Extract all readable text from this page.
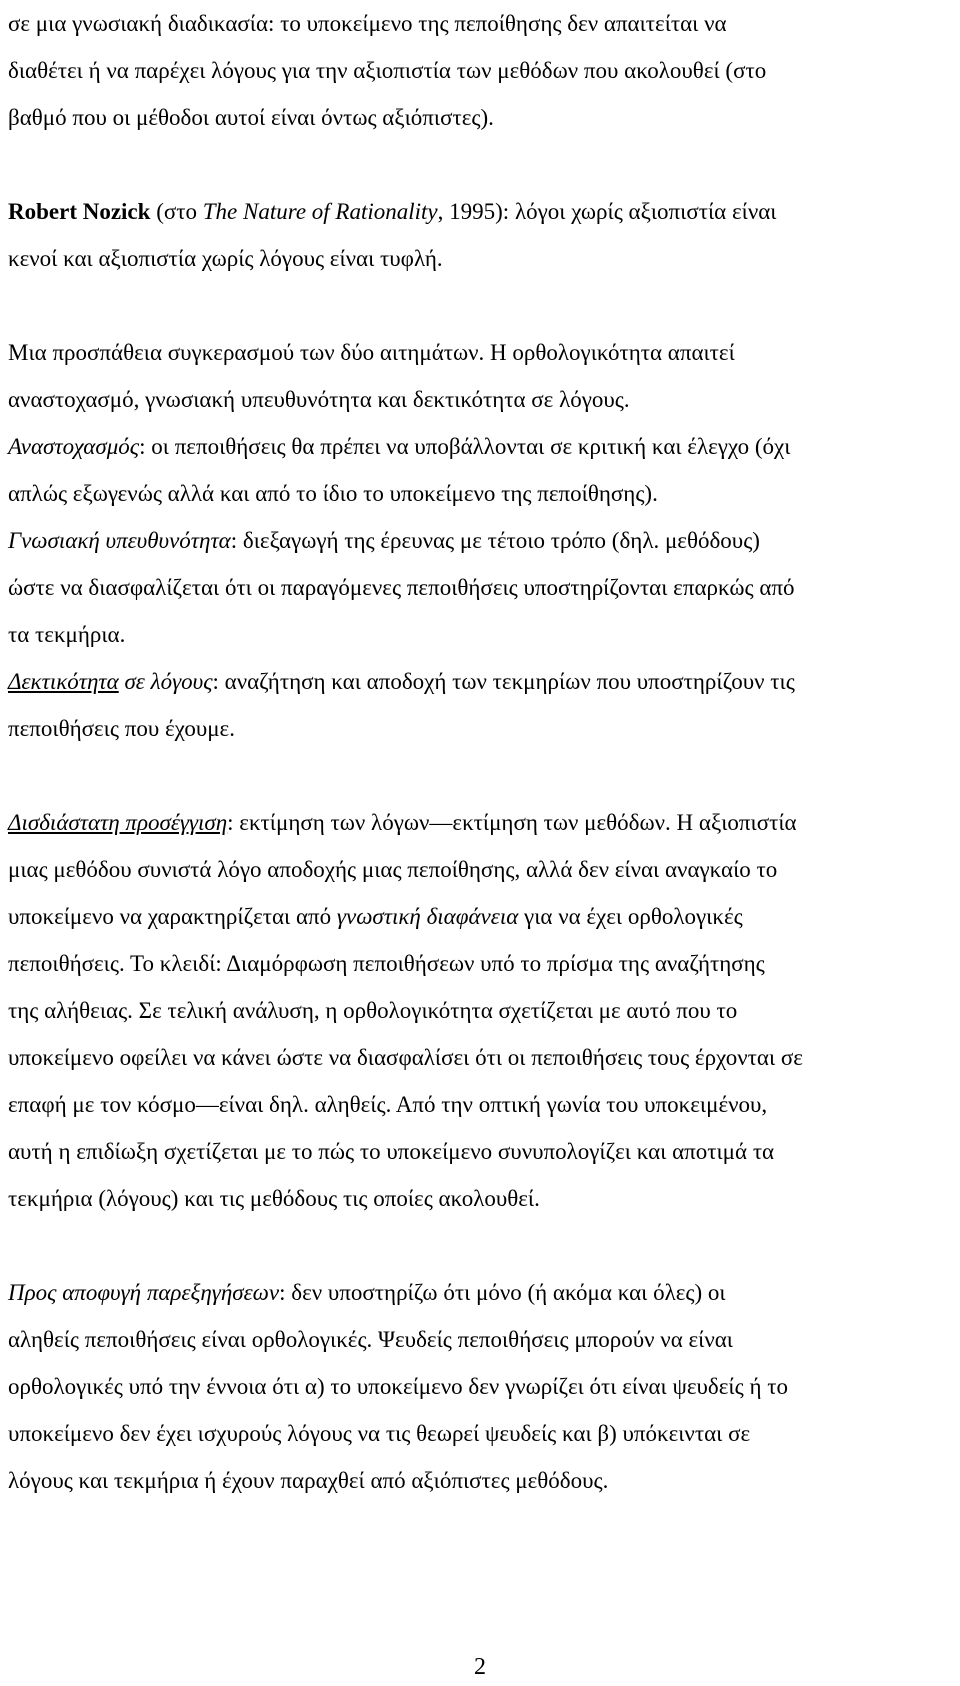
σε μια γνωσιακή διαδικασία: το υποκείμενο της πεποίθησης δεν απαιτείται να
διαθέτει ή να παρέχει λόγους για την αξιοπιστία των μεθόδων που ακολουθεί (στο
βαθμό που οι μέθοδοι αυτοί είναι όντως αξιόπιστες).
Robert Nozick (στο The Nature of Rationality, 1995): λόγοι χωρίς αξιοπιστία είναι
κενοί και αξιοπιστία χωρίς λόγους είναι τυφλή.
Μια προσπάθεια συγκερασμού των δύο αιτημάτων. Η ορθολογικότητα απαιτεί
αναστοχασμό, γνωσιακή υπευθυνότητα και δεκτικότητα σε λόγους.
Αναστοχασμός: οι πεποιθήσεις θα πρέπει να υποβάλλονται σε κριτική και έλεγχο (όχι
απλώς εξωγενώς αλλά και από το ίδιο το υποκείμενο της πεποίθησης).
Γνωσιακή υπευθυνότητα: διεξαγωγή της έρευνας με τέτοιο τρόπο (δηλ. μεθόδους)
ώστε να διασφαλίζεται ότι οι παραγόμενες πεποιθήσεις υποστηρίζονται επαρκώς από
τα τεκμήρια.
Δεκτικότητα σε λόγους: αναζήτηση και αποδοχή των τεκμηρίων που υποστηρίζουν τις
πεποιθήσεις που έχουμε.
Δισδιάστατη προσέγγιση: εκτίμηση των λόγων—εκτίμηση των μεθόδων. Η αξιοπιστία
μιας μεθόδου συνιστά λόγο αποδοχής μιας πεποίθησης, αλλά δεν είναι αναγκαίο το
υποκείμενο να χαρακτηρίζεται από γνωστική διαφάνεια για να έχει ορθολογικές
πεποιθήσεις. Το κλειδί: Διαμόρφωση πεποιθήσεων υπό το πρίσμα της αναζήτησης
της αλήθειας. Σε τελική ανάλυση, η ορθολογικότητα σχετίζεται με αυτό που το
υποκείμενο οφείλει να κάνει ώστε να διασφαλίσει ότι οι πεποιθήσεις τους έρχονται σε
επαφή με τον κόσμο—είναι δηλ. αληθείς. Από την οπτική γωνία του υποκειμένου,
αυτή η επιδίωξη σχετίζεται με το πώς το υποκείμενο συνυπολογίζει και αποτιμά τα
τεκμήρια (λόγους) και τις μεθόδους τις οποίες ακολουθεί.
Προς αποφυγή παρεξηγήσεων: δεν υποστηρίζω ότι μόνο (ή ακόμα και όλες) οι
αληθείς πεποιθήσεις είναι ορθολογικές. Ψευδείς πεποιθήσεις μπορούν να είναι
ορθολογικές υπό την έννοια ότι α) το υποκείμενο δεν γνωρίζει ότι είναι ψευδείς ή το
υποκείμενο δεν έχει ισχυρούς λόγους να τις θεωρεί ψευδείς και β) υπόκεινται σε
λόγους και τεκμήρια ή έχουν παραχθεί από αξιόπιστες μεθόδους.
2
